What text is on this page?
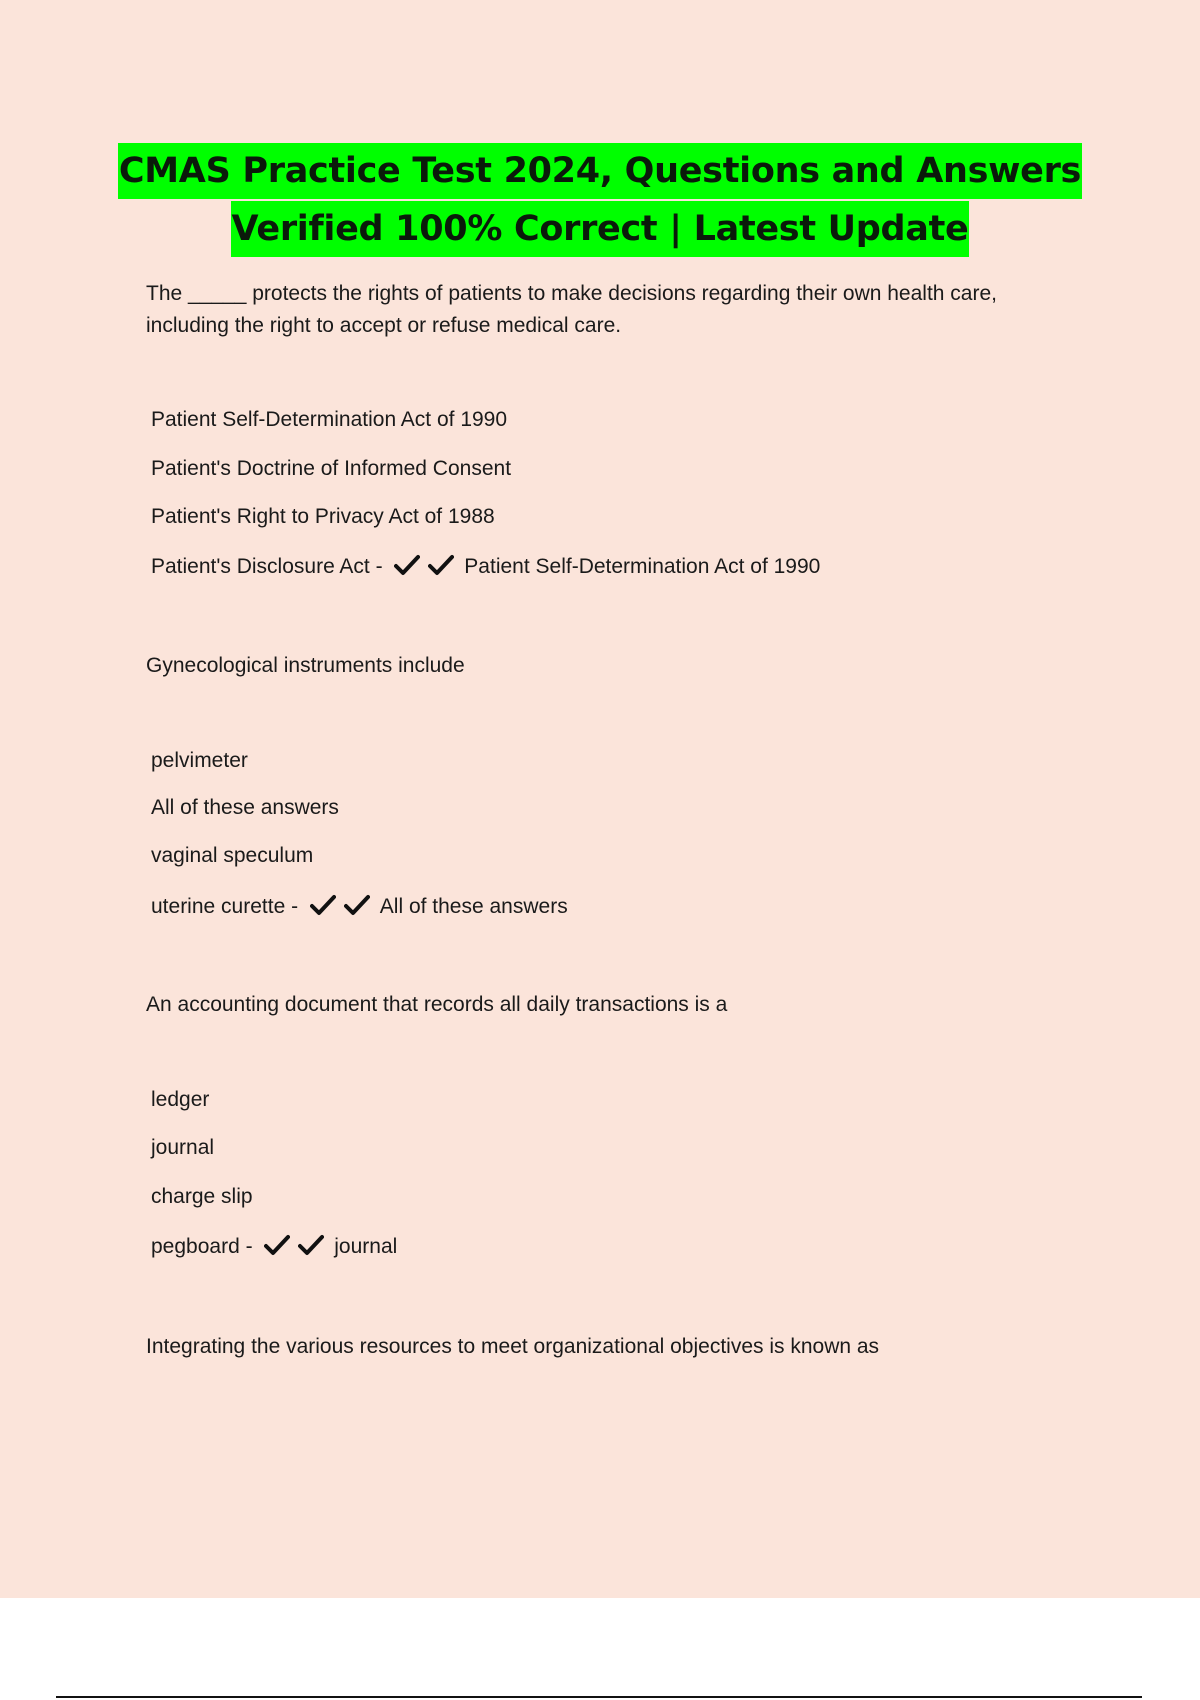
CMAS Practice Test 2024, Questions and Answers
Verified 100% Correct | Latest Update
The _____ protects the rights of patients to make decisions regarding their own health care, including the right to accept or refuse medical care.
Patient Self-Determination Act of 1990
Patient's Doctrine of Informed Consent
Patient's Right to Privacy Act of 1988
Patient's Disclosure Act -	Patient Self-Determination Act of 1990
Gynecological instruments include
pelvimeter
All of these answers
vaginal speculum
uterine curette -	All of these answers
An accounting document that records all daily transactions is a
ledger
journal
charge slip
pegboard -	journal
Integrating the various resources to meet organizational objectives is known as
